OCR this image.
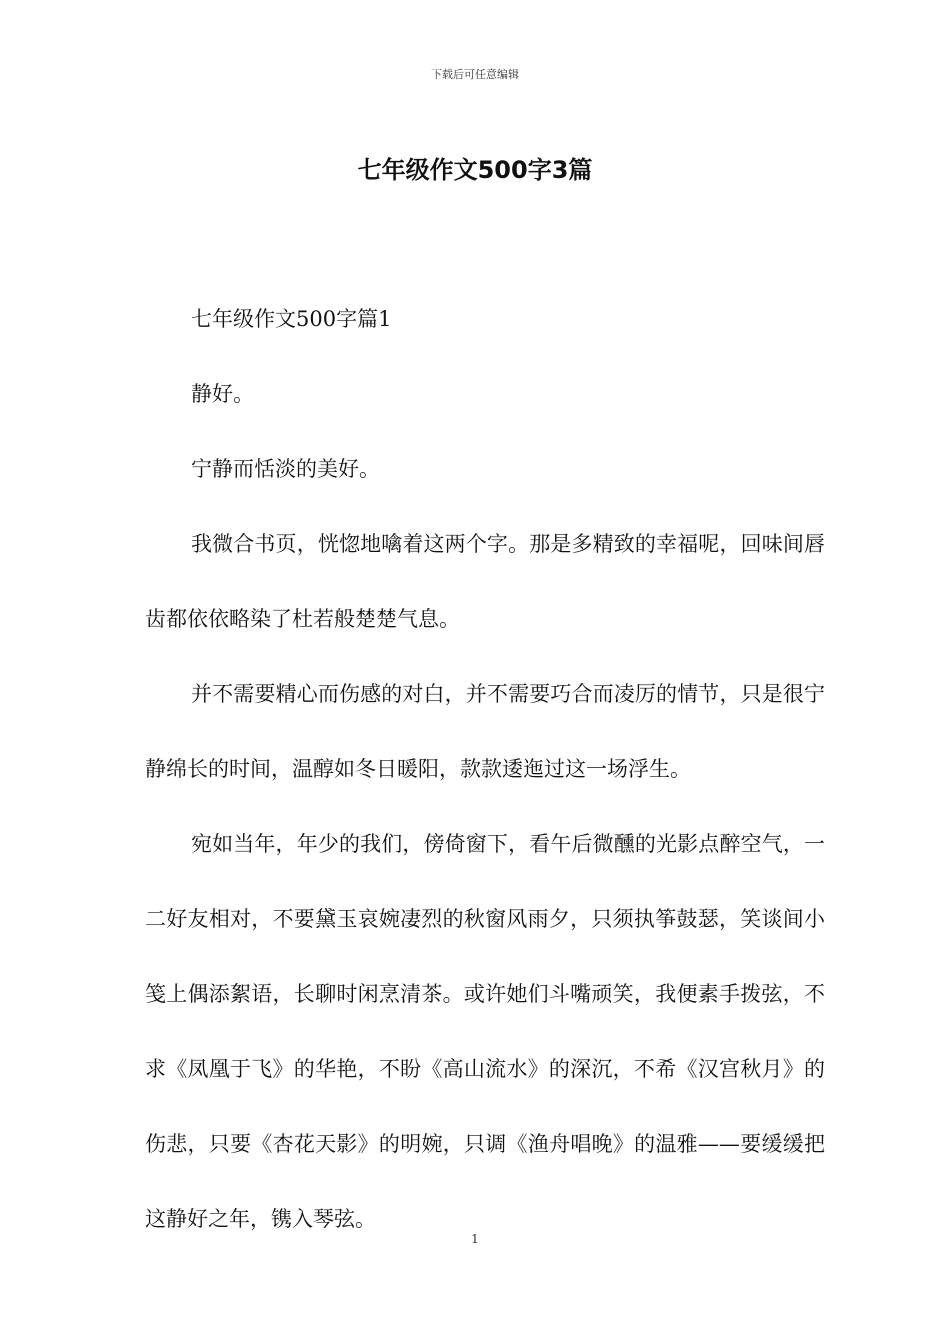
下载后可任意编辑
七年级作文500字3篇

七年级作文500字篇1

静好。

宁静而恬淡的美好。

我微合书页，恍惚地噙着这两个字。那是多精致的幸福呢，回味间唇齿都依依略染了杜若般楚楚气息。

并不需要精心而伤感的对白，并不需要巧合而凌厉的情节，只是很宁静绵长的时间，温醇如冬日暖阳，款款逶迤过这一场浮生。

宛如当年，年少的我们，傍倚窗下，看午后微醺的光影点醉空气，一二好友相对，不要黛玉哀婉凄烈的秋窗风雨夕，只须执筝鼓瑟，笑谈间小笺上偶添絮语，长聊时闲烹清茶。或许她们斗嘴顽笑，我便素手拨弦，不求《凤凰于飞》的华艳，不盼《高山流水》的深沉，不希《汉宫秋月》的伤悲，只要《杏花天影》的明婉，只调《渔舟唱晚》的温雅——要缓缓把这静好之年，镌入琴弦。

1
